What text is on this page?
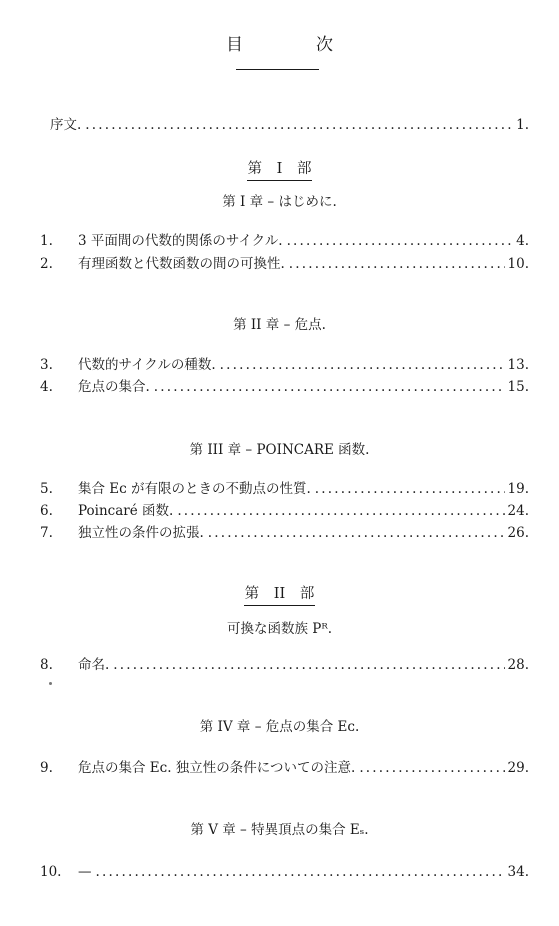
目　次
序文. .....	1.
第 I 部
第 I 章 – はじめに.
1.	3 平面間の代数的関係のサイクル. .....	4.
2.	有理函数と代数函数の間の可換性. .....	10.
第 II 章 – 危点.
3.	代数的サイクルの種数. .....	13.
4.	危点の集合. .....	15.
第 III 章 – POINCARE 函数.
5.	集合 Eᴄ が有限のときの不動点の性質. .....	19.
6.	Poincaré 函数. .....	24.
7.	独立性の条件の拡張. .....	26.
第 II 部
可換な函数族 Pᴿ.
8.	命名. .....	28.
第 IV 章 – 危点の集合 Eᴄ.
9.	危点の集合 Eᴄ. 独立性の条件についての注意. .....	29.
第 V 章 – 特異頂点の集合 Eₛ.
10.	— .....	34.
